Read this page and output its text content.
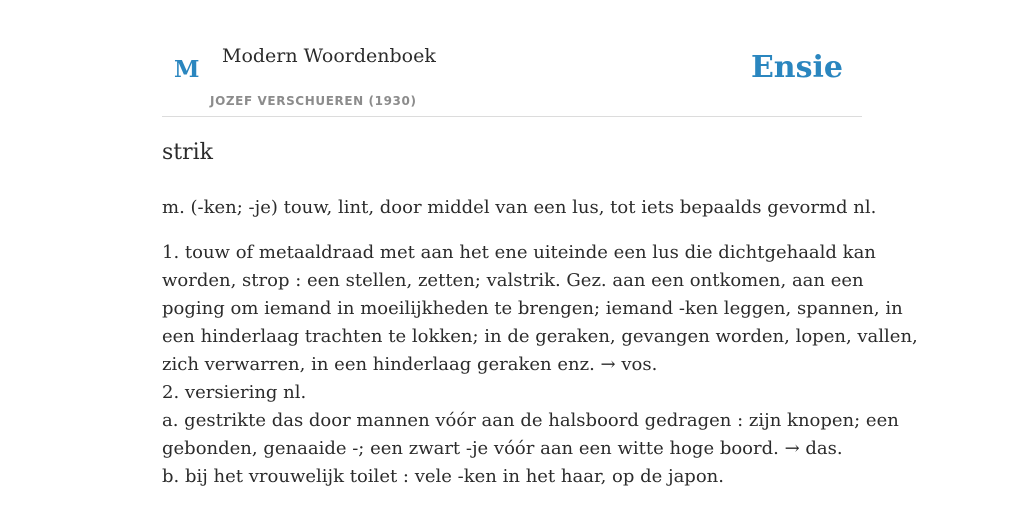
M Modern Woordenboek
JOZEF VERSCHUEREN (1930)
Ensie
strik
m. (-ken; -je) touw, lint, door middel van een lus, tot iets bepaalds gevormd nl.
1. touw of metaaldraad met aan het ene uiteinde een lus die dichtgehaald kan
worden, strop : een stellen, zetten; valstrik. Gez. aan een ontkomen, aan een
poging om iemand in moeilijkheden te brengen; iemand -ken leggen, spannen, in
een hinderlaag trachten te lokken; in de geraken, gevangen worden, lopen, vallen,
zich verwarren, in een hinderlaag geraken enz. → vos.
2. versiering nl.
a. gestrikte das door mannen vóór aan de halsboord gedragen : zijn knopen; een
gebonden, genaaide -; een zwart -je vóór aan een witte hoge boord. → das.
b. bij het vrouwelijk toilet : vele -ken in het haar, op de japon.
